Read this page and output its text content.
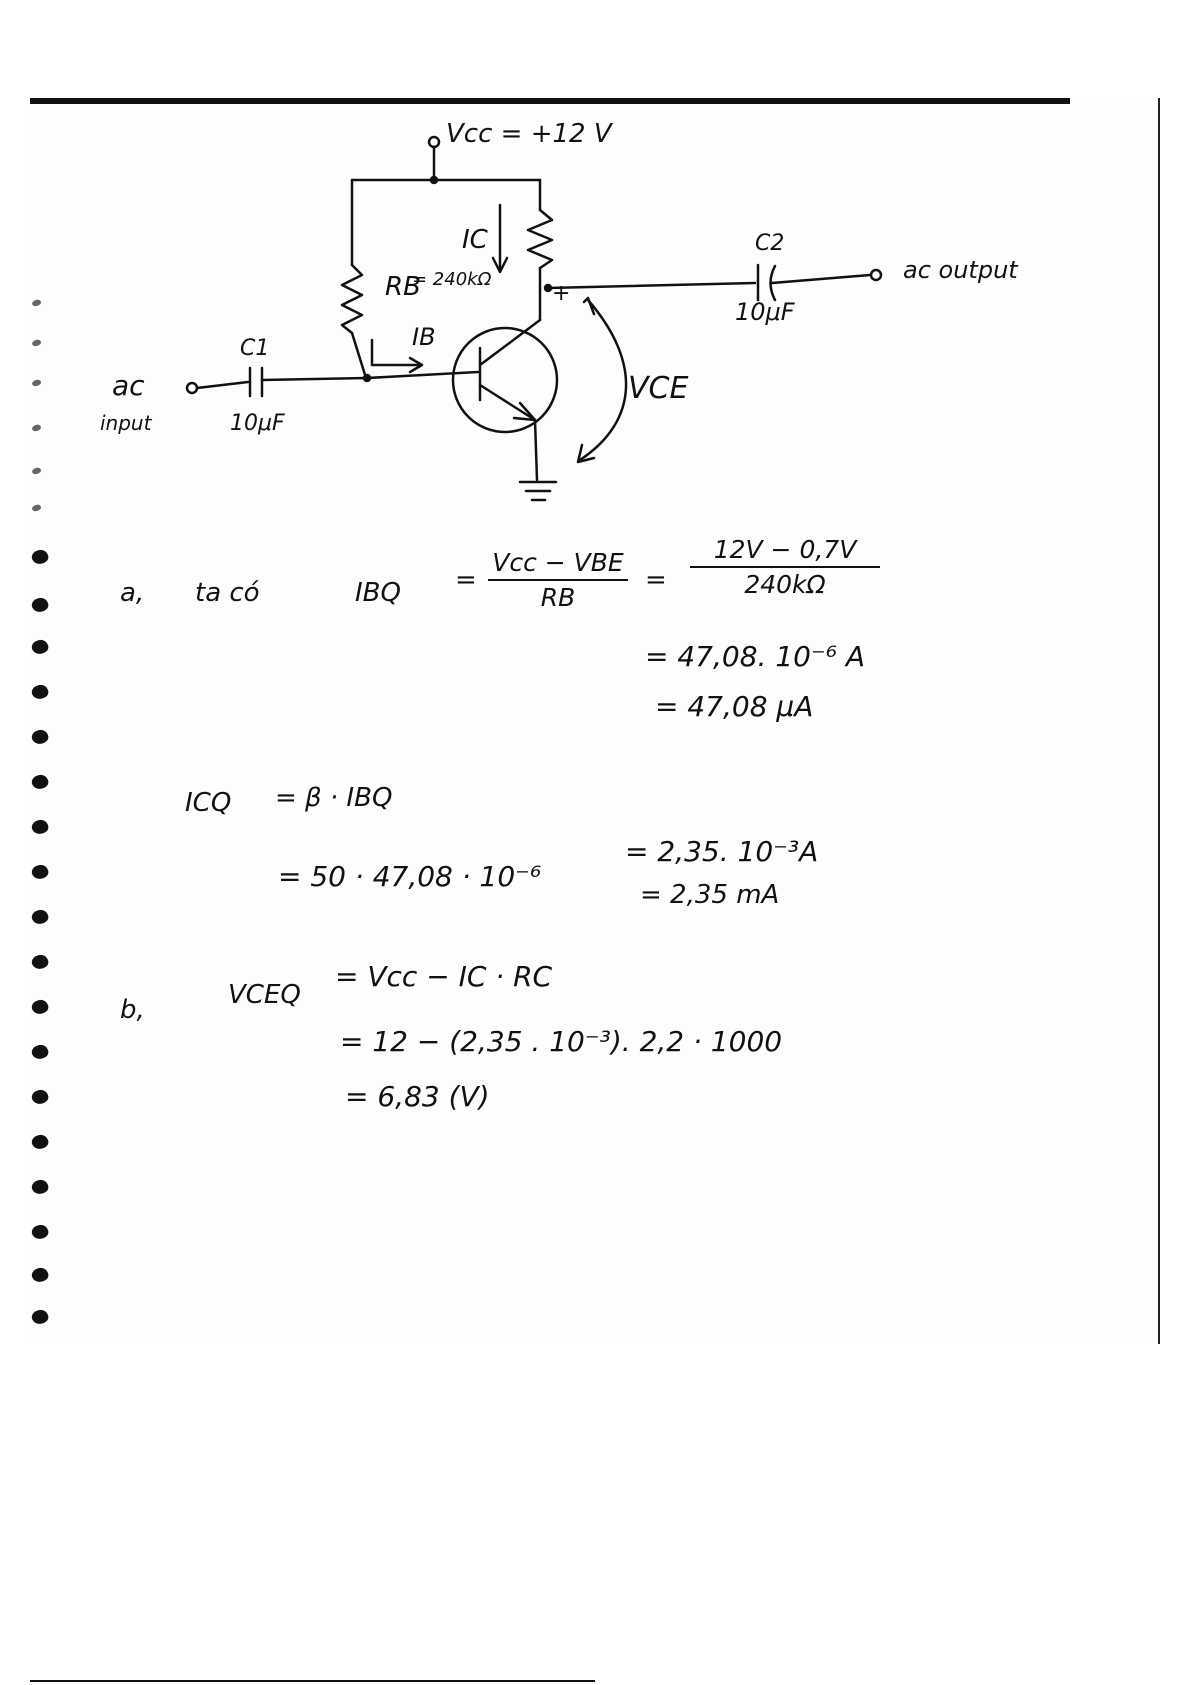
Vcc = +12 V
IC
RB
= 240kΩ
IB
C1
10μF
C2
10μF
+
VCE
ac
input
ac output
a, ta có	IBQ =
Vcc − VBE
RB
=
12V − 0,7V
240kΩ
= 47,08. 10⁻⁶ A
= 47,08 μA
ICQ = β · IBQ
= 50 · 47,08 · 10⁻⁶
= 2,35. 10⁻³A
= 2,35 mA
b,	VCEQ
= Vcc − IC · RC
= 12 − (2,35 . 10⁻³). 2,2 · 1000
= 6,83 (V)
